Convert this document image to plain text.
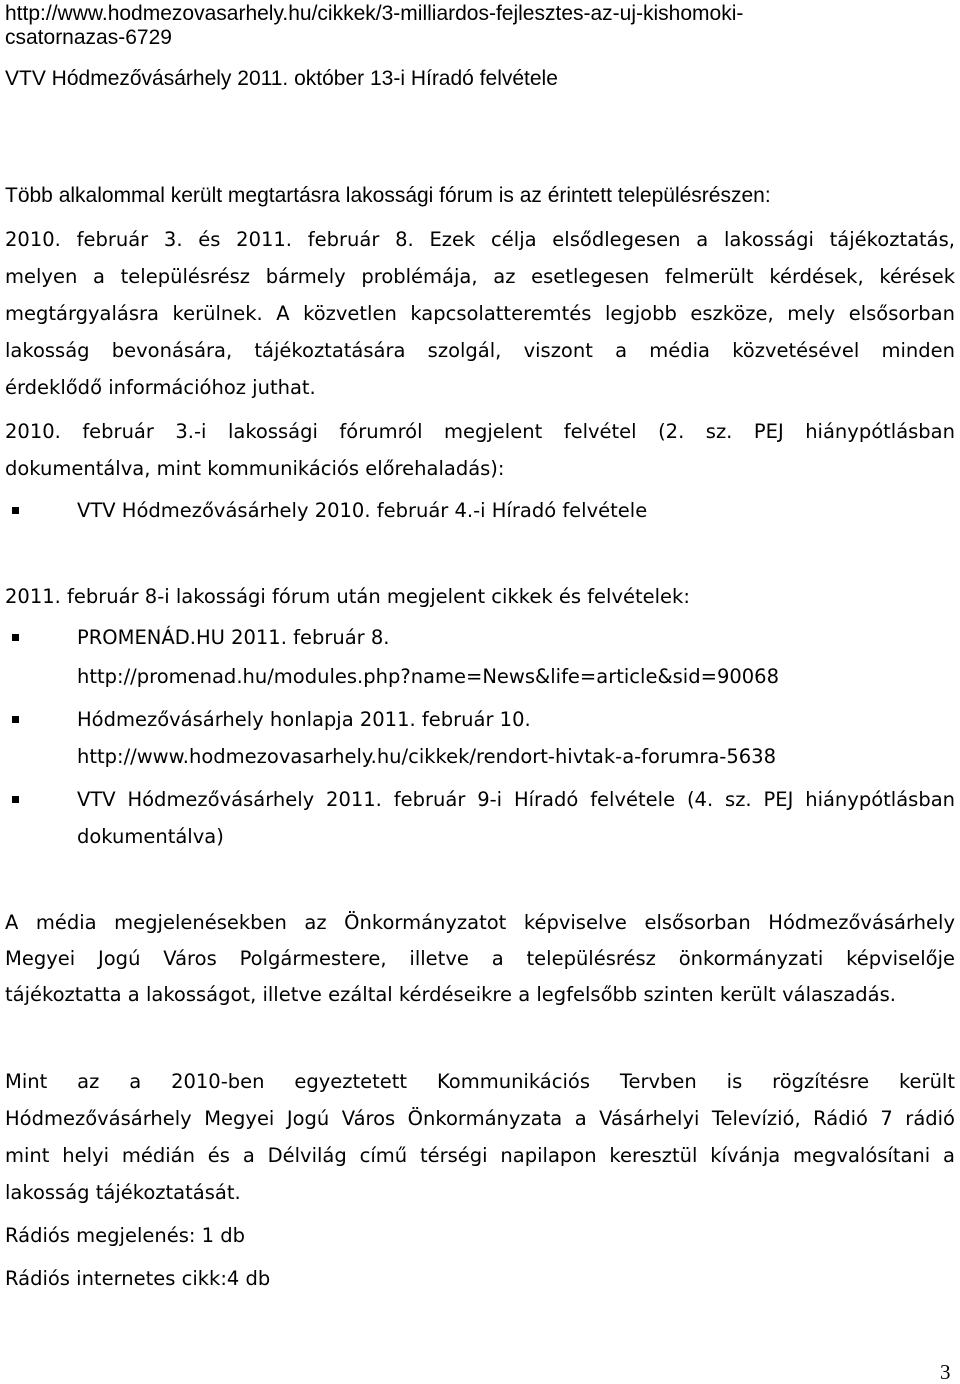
http://www.hodmezovasarhely.hu/cikkek/3-milliardos-fejlesztes-az-uj-kishomoki-

csatornazas-6729

VTV Hódmezővásárhely 2011. október 13-i Híradó felvétele

Több alkalommal került megtartásra lakossági fórum is az érintett településrészen:

2010. február 3. és 2011. február 8. Ezek célja elsődlegesen a lakossági tájékoztatás,

melyen a településrész bármely problémája, az esetlegesen felmerült kérdések, kérések

megtárgyalásra kerülnek. A közvetlen kapcsolatteremtés legjobb eszköze, mely elsősorban

lakosság bevonására, tájékoztatására szolgál, viszont a média közvetésével minden

érdeklődő információhoz juthat.

2010. február 3.-i lakossági fórumról megjelent felvétel (2. sz. PEJ hiánypótlásban

dokumentálva, mint kommunikációs előrehaladás):

VTV Hódmezővásárhely 2010. február 4.-i Híradó felvétele

2011. február 8-i lakossági fórum után megjelent cikkek és felvételek:

PROMENÁD.HU 2011. február 8.

http://promenad.hu/modules.php?name=News&life=article&sid=90068

Hódmezővásárhely honlapja 2011. február 10.

http://www.hodmezovasarhely.hu/cikkek/rendort-hivtak-a-forumra-5638

VTV Hódmezővásárhely 2011. február 9-i Híradó felvétele (4. sz. PEJ hiánypótlásban

dokumentálva)

A média megjelenésekben az Önkormányzatot képviselve elsősorban Hódmezővásárhely

Megyei Jogú Város Polgármestere, illetve a településrész önkormányzati képviselője

tájékoztatta a lakosságot, illetve ezáltal kérdéseikre a legfelsőbb szinten került válaszadás.

Mint az a 2010-ben egyeztetett Kommunikációs Tervben is rögzítésre került

Hódmezővásárhely Megyei Jogú Város Önkormányzata a Vásárhelyi Televízió, Rádió 7 rádió

mint helyi médián és a Délvilág című térségi napilapon keresztül kívánja megvalósítani a

lakosság tájékoztatását.

Rádiós megjelenés: 1 db

Rádiós internetes cikk:4 db

3
